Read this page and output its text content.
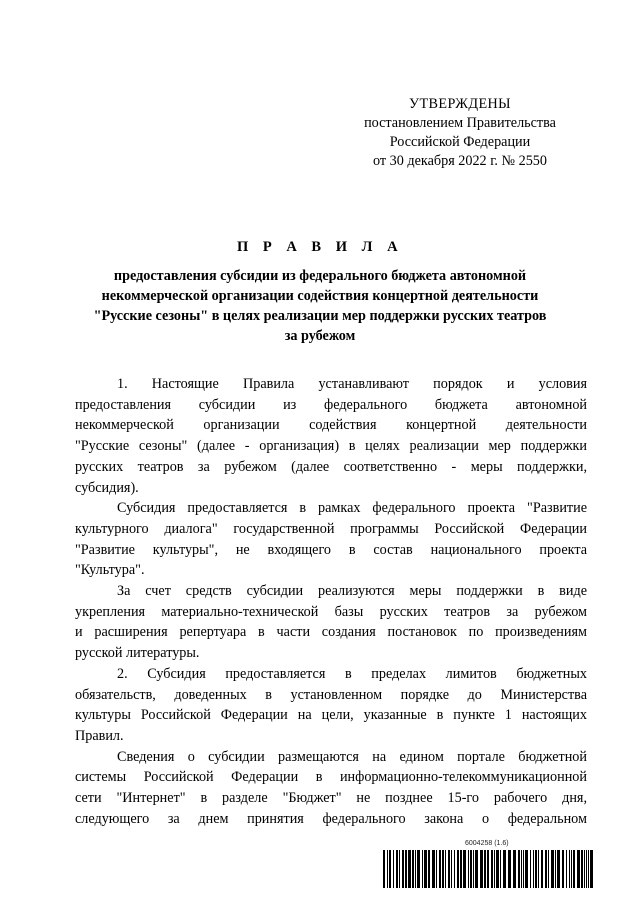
УТВЕРЖДЕНЫ
постановлением Правительства
Российской Федерации
от 30 декабря 2022 г. № 2550
П Р А В И Л А
предоставления субсидии из федерального бюджета автономной
некоммерческой организации содействия концертной деятельности
"Русские сезоны" в целях реализации мер поддержки русских театров
за рубежом

1. Настоящие Правила устанавливают порядок и условия
предоставления субсидии из федерального бюджета автономной
некоммерческой организации содействия концертной деятельности
"Русские сезоны" (далее - организация) в целях реализации мер поддержки
русских театров за рубежом (далее соответственно - меры поддержки,
субсидия).

Субсидия предоставляется в рамках федерального проекта "Развитие
культурного диалога" государственной программы Российской Федерации
"Развитие культуры", не входящего в состав национального проекта
"Культура".

За счет средств субсидии реализуются меры поддержки в виде
укрепления материально-технической базы русских театров за рубежом
и расширения репертуара в части создания постановок по произведениям
русской литературы.

2. Субсидия предоставляется в пределах лимитов бюджетных
обязательств, доведенных в установленном порядке до Министерства
культуры Российской Федерации на цели, указанные в пункте 1 настоящих
Правил.

Сведения о субсидии размещаются на едином портале бюджетной
системы Российской Федерации в информационно-телекоммуникационной
сети "Интернет" в разделе "Бюджет" не позднее 15-го рабочего дня,
следующего за днем принятия федерального закона о федеральном

6004258 (1.6)
